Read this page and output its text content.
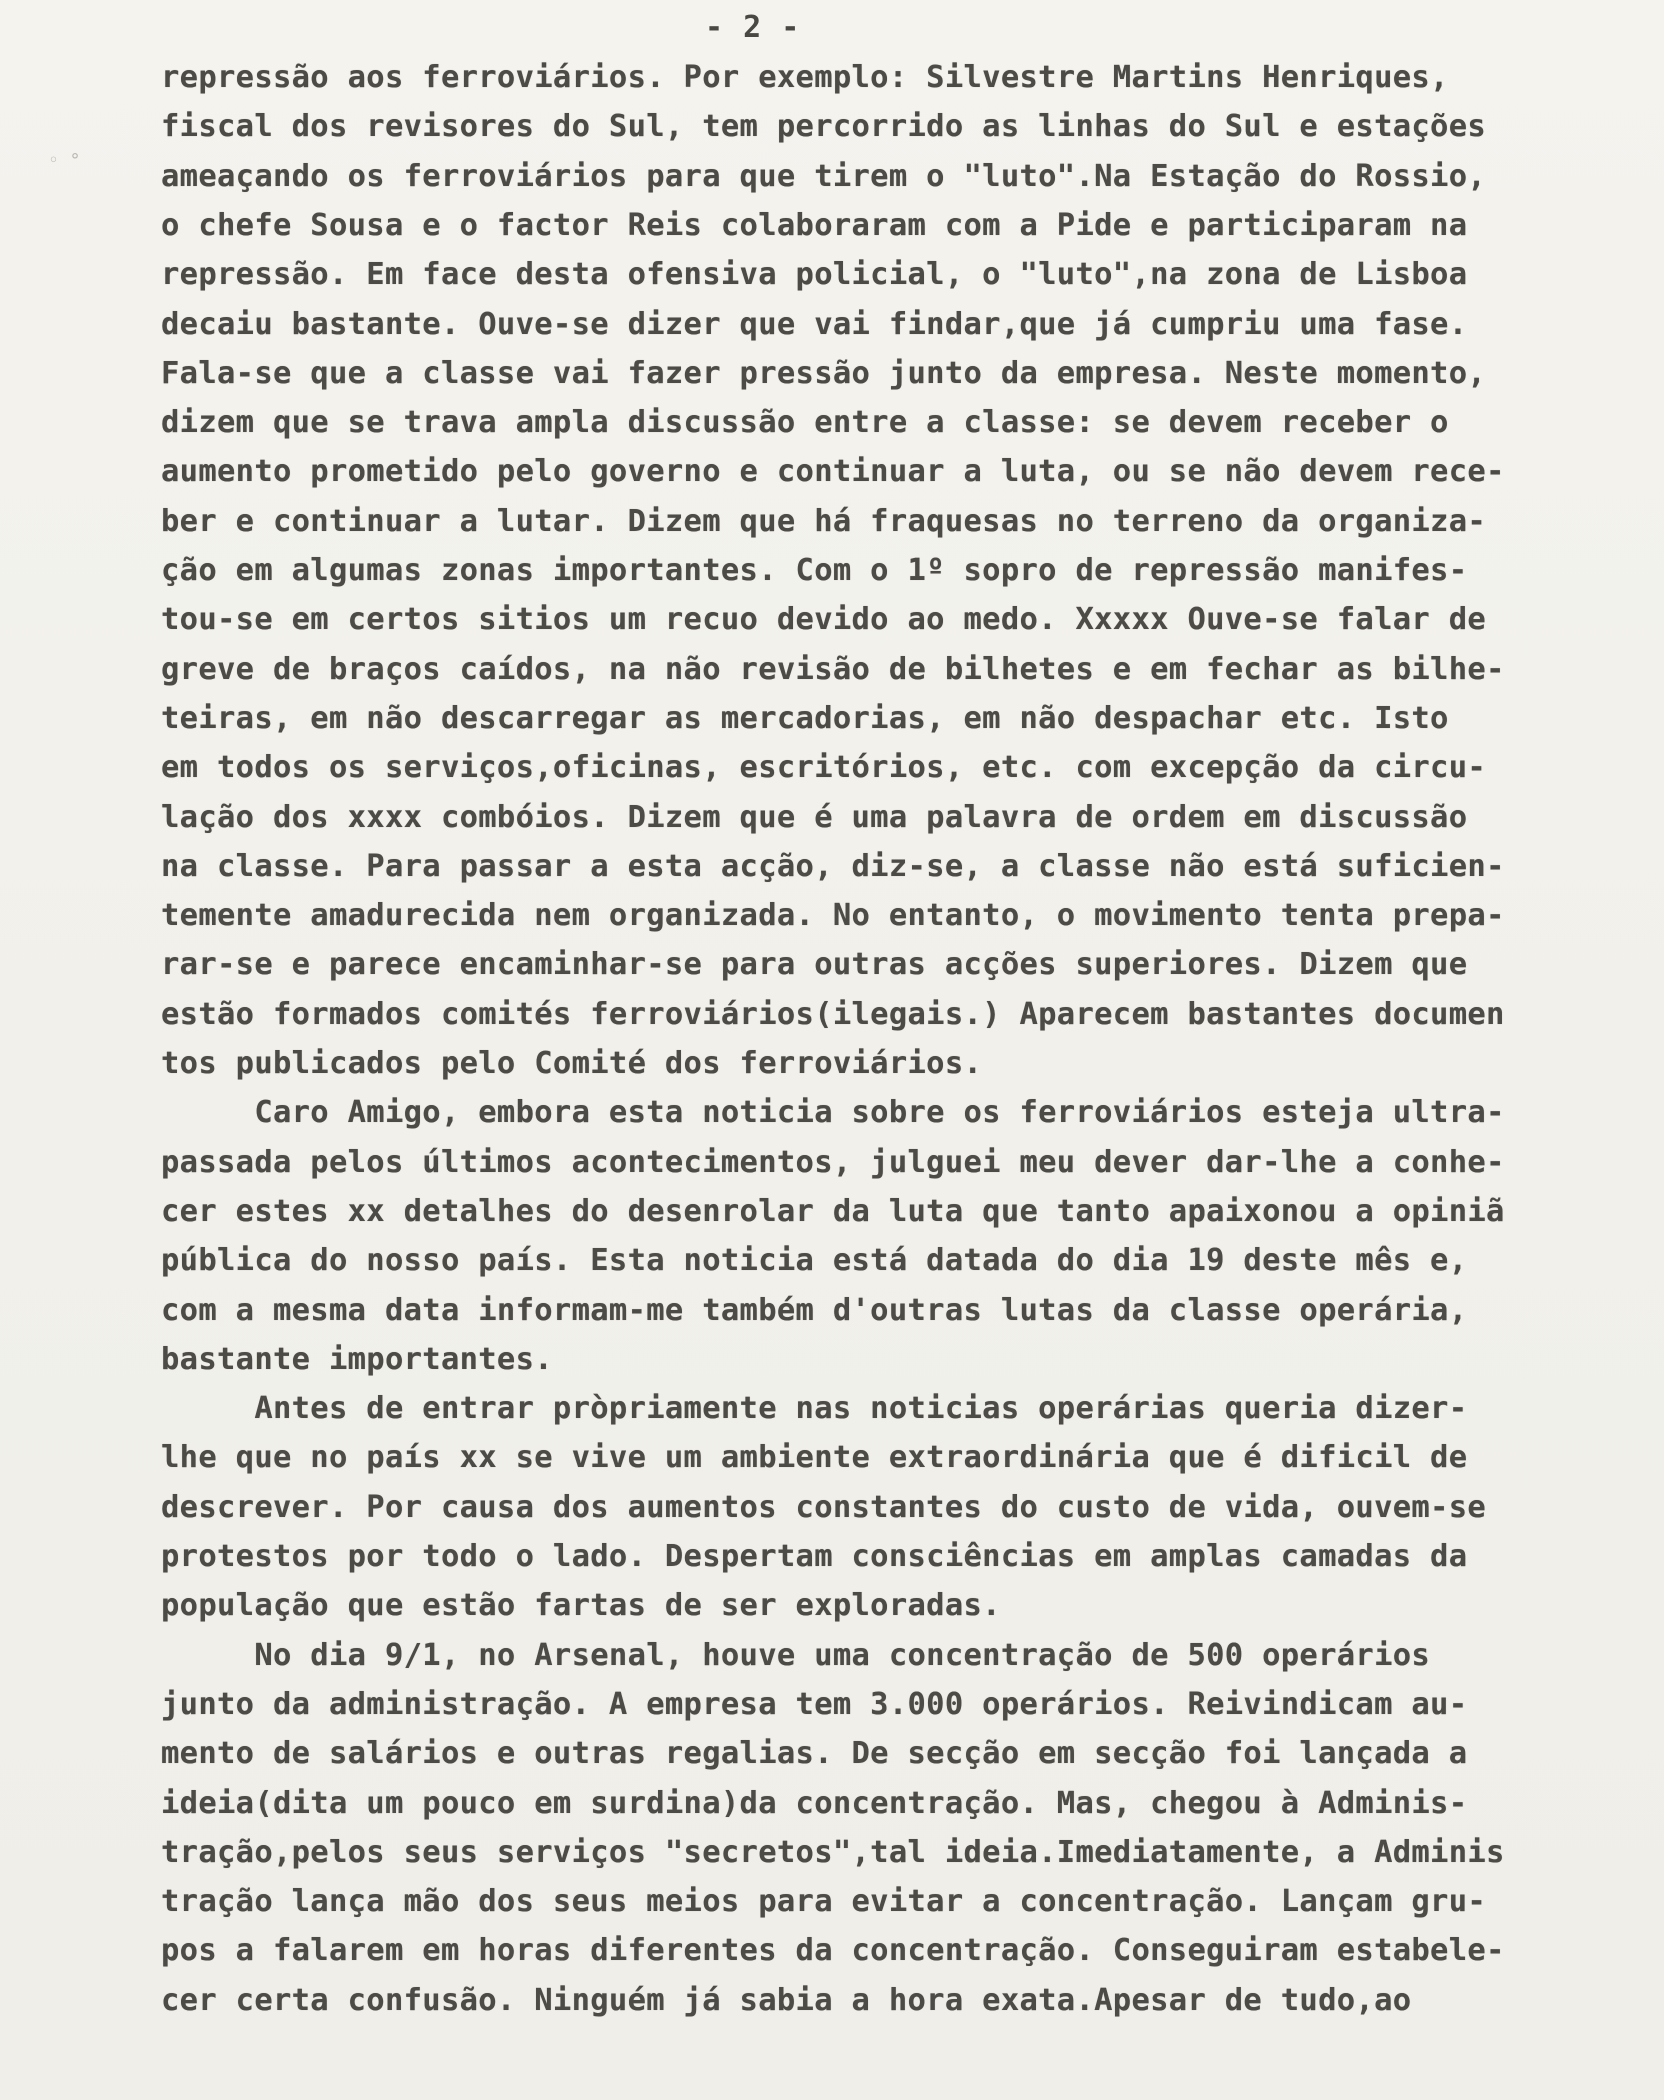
◦ °
- 2 -
repressão aos ferroviários. Por exemplo: Silvestre Martins Henriques,
fiscal dos revisores do Sul, tem percorrido as linhas do Sul e estações
ameaçando os ferroviários para que tirem o "luto".Na Estação do Rossio,
o chefe Sousa e o factor Reis colaboraram com a Pide e participaram na
repressão. Em face desta ofensiva policial, o "luto",na zona de Lisboa
decaiu bastante. Ouve-se dizer que vai findar,que já cumpriu uma fase.
Fala-se que a classe vai fazer pressão junto da empresa. Neste momento,
dizem que se trava ampla discussão entre a classe: se devem receber o
aumento prometido pelo governo e continuar a luta, ou se não devem rece-
ber e continuar a lutar. Dizem que há fraquesas no terreno da organiza-
ção em algumas zonas importantes. Com o 1º sopro de repressão manifes-
tou-se em certos sitios um recuo devido ao medo. Xxxxx Ouve-se falar de
greve de braços caídos, na não revisão de bilhetes e em fechar as bilhe-
teiras, em não descarregar as mercadorias, em não despachar etc. Isto
em todos os serviços,oficinas, escritórios, etc. com excepção da circu-
lação dos xxxx combóios. Dizem que é uma palavra de ordem em discussão
na classe. Para passar a esta acção, diz-se, a classe não está suficien-
temente amadurecida nem organizada. No entanto, o movimento tenta prepa-
rar-se e parece encaminhar-se para outras acções superiores. Dizem que
estão formados comités ferroviários(ilegais.) Aparecem bastantes documen
tos publicados pelo Comité dos ferroviários.
Caro Amigo, embora esta noticia sobre os ferroviários esteja ultra-
passada pelos últimos acontecimentos, julguei meu dever dar-lhe a conhe-
cer estes xx detalhes do desenrolar da luta que tanto apaixonou a opiniã
pública do nosso país. Esta noticia está datada do dia 19 deste mês e,
com a mesma data informam-me também d'outras lutas da classe operária,
bastante importantes.
Antes de entrar pròpriamente nas noticias operárias queria dizer-
lhe que no país xx se vive um ambiente extraordinária que é dificil de
descrever. Por causa dos aumentos constantes do custo de vida, ouvem-se
protestos por todo o lado. Despertam consciências em amplas camadas da
população que estão fartas de ser exploradas.
No dia 9/1, no Arsenal, houve uma concentração de 500 operários
junto da administração. A empresa tem 3.000 operários. Reivindicam au-
mento de salários e outras regalias. De secção em secção foi lançada a
ideia(dita um pouco em surdina)da concentração. Mas, chegou à Adminis-
tração,pelos seus serviços "secretos",tal ideia.Imediatamente, a Adminis
tração lança mão dos seus meios para evitar a concentração. Lançam gru-
pos a falarem em horas diferentes da concentração. Conseguiram estabele-
cer certa confusão. Ninguém já sabia a hora exata.Apesar de tudo,ao
